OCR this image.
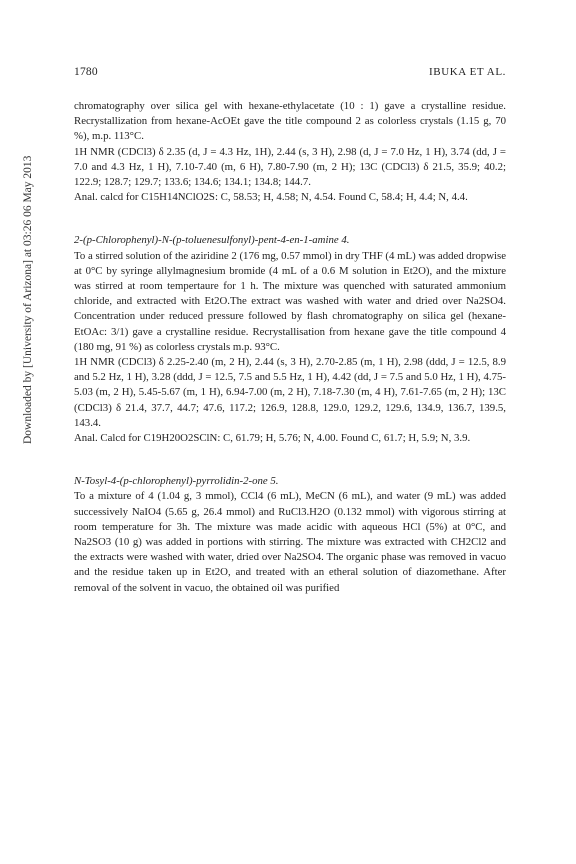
1780	IBUKA ET AL.
Downloaded by [University of Arizona] at 03:26 06 May 2013

chromatography over silica gel with hexane-ethylacetate (10 : 1) gave a crystalline residue. Recrystallization from hexane-AcOEt gave the title compound 2 as colorless crystals (1.15 g, 70 %), m.p. 113°C.

1H NMR (CDCl3) δ 2.35 (d, J = 4.3 Hz, 1H), 2.44 (s, 3 H), 2.98 (d, J = 7.0 Hz, 1 H), 3.74 (dd, J = 7.0 and 4.3 Hz, 1 H), 7.10-7.40 (m, 6 H), 7.80-7.90 (m, 2 H); 13C (CDCl3) δ 21.5, 35.9; 40.2; 122.9; 128.7; 129.7; 133.6; 134.6; 134.1; 134.8; 144.7.

Anal. calcd for C15H14NClO2S: C, 58.53; H, 4.58; N, 4.54. Found C, 58.4; H, 4.4; N, 4.4.

2-(p-Chlorophenyl)-N-(p-toluenesulfonyl)-pent-4-en-1-amine 4.

To a stirred solution of the aziridine 2 (176 mg, 0.57 mmol) in dry THF (4 mL) was added dropwise at 0°C by syringe allylmagnesium bromide (4 mL of a 0.6 M solution in Et2O), and the mixture was stirred at room tempertaure for 1 h. The mixture was quenched with saturated ammonium chloride, and extracted with Et2O.The extract was washed with water and dried over Na2SO4. Concentration under reduced pressure followed by flash chromatography on silica gel (hexane-EtOAc: 3/1) gave a crystalline residue. Recrystallisation from hexane gave the title compound 4 (180 mg, 91 %) as colorless crystals m.p. 93°C.

1H NMR (CDCl3) δ 2.25-2.40 (m, 2 H), 2.44 (s, 3 H), 2.70-2.85 (m, 1 H), 2.98 (ddd, J = 12.5, 8.9 and 5.2 Hz, 1 H), 3.28 (ddd, J = 12.5, 7.5 and 5.5 Hz, 1 H), 4.42 (dd, J = 7.5 and 5.0 Hz, 1 H), 4.75-5.03 (m, 2 H), 5.45-5.67 (m, 1 H), 6.94-7.00 (m, 2 H), 7.18-7.30 (m, 4 H), 7.61-7.65 (m, 2 H); 13C (CDCl3) δ 21.4, 37.7, 44.7; 47.6, 117.2; 126.9, 128.8, 129.0, 129.2, 129.6, 134.9, 136.7, 139.5, 143.4.

Anal. Calcd for C19H20O2SClN: C, 61.79; H, 5.76; N, 4.00. Found C, 61.7; H, 5.9; N, 3.9.

N-Tosyl-4-(p-chlorophenyl)-pyrrolidin-2-one 5.

To a mixture of 4 (1.04 g, 3 mmol), CCl4 (6 mL), MeCN (6 mL), and water (9 mL) was added successively NaIO4 (5.65 g, 26.4 mmol) and RuCl3.H2O (0.132 mmol) with vigorous stirring at room temperature for 3h. The mixture was made acidic with aqueous HCl (5%) at 0°C, and Na2SO3 (10 g) was added in portions with stirring. The mixture was extracted with CH2Cl2 and the extracts were washed with water, dried over Na2SO4. The organic phase was removed in vacuo and the residue taken up in Et2O, and treated with an etheral solution of diazomethane. After removal of the solvent in vacuo, the obtained oil was purified
